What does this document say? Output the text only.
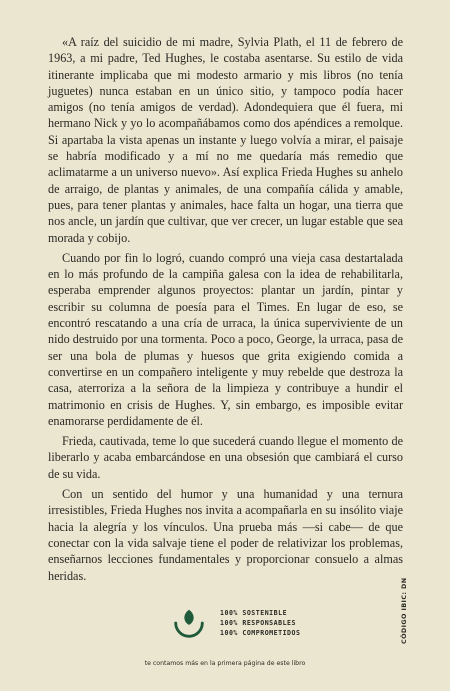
«A raíz del suicidio de mi madre, Sylvia Plath, el 11 de febrero de 1963, a mi padre, Ted Hughes, le costaba asentarse. Su estilo de vida itinerante implicaba que mi modesto armario y mis libros (no tenía juguetes) nunca estaban en un único sitio, y tampoco podía hacer amigos (no tenía amigos de verdad). Adondequiera que él fuera, mi hermano Nick y yo lo acompañábamos como dos apéndices a remolque. Si apartaba la vista apenas un instante y luego volvía a mirar, el paisaje se habría modificado y a mí no me quedaría más remedio que aclimatarme a un universo nuevo». Así explica Frieda Hughes su anhelo de arraigo, de plantas y animales, de una compañía cálida y amable, pues, para tener plantas y animales, hace falta un hogar, una tierra que nos ancle, un jardín que cultivar, que ver crecer, un lugar estable que sea morada y cobijo.

Cuando por fin lo logró, cuando compró una vieja casa destartalada en lo más profundo de la campiña galesa con la idea de rehabilitarla, esperaba emprender algunos proyectos: plantar un jardín, pintar y escribir su columna de poesía para el Times. En lugar de eso, se encontró rescatando a una cría de urraca, la única superviviente de un nido destruido por una tormenta. Poco a poco, George, la urraca, pasa de ser una bola de plumas y huesos que grita exigiendo comida a convertirse en un compañero inteligente y muy rebelde que destroza la casa, aterroriza a la señora de la limpieza y contribuye a hundir el matrimonio en crisis de Hughes. Y, sin embargo, es imposible evitar enamorarse perdidamente de él.

Frieda, cautivada, teme lo que sucederá cuando llegue el momento de liberarlo y acaba embarcándose en una obsesión que cambiará el curso de su vida.

Con un sentido del humor y una humanidad y una ternura irresistibles, Frieda Hughes nos invita a acompañarla en su insólito viaje hacia la alegría y los vínculos. Una prueba más —si cabe— de que conectar con la vida salvaje tiene el poder de relativizar los problemas, enseñarnos lecciones fundamentales y proporcionar consuelo a almas heridas.

100% SOSTENIBLE
100% RESPONSABLES
100% COMPROMETIDOS
te contamos más en la primera página de este libro
CÓDIGO IBIC: DN
